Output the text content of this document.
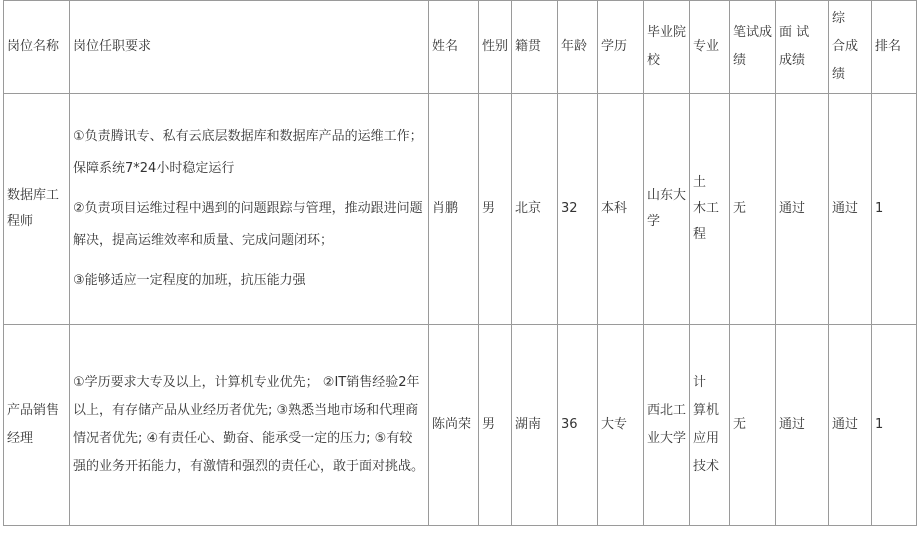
岗位名称	岗位任职要求	姓名	性别	籍贯	年龄	学历	毕业院校	专业	笔试成绩	面 试 成绩	综　合成绩	排名
数据库工程师	①负责腾讯专、私有云底层数据库和数据库产品的运维工作；保障系统7*24小时稳定运行

②负责项目运维过程中遇到的问题跟踪与管理，推动跟进问题解决，提高运维效率和质量、完成问题闭环；

③能够适应一定程度的加班，抗压能力强	肖鹏	男	北京	32	本科	山东大学	土　木工程	无	通过	通过	1
产品销售经理	①学历要求大专及以上，计算机专业优先； ②IT销售经验2年以上，有存储产品从业经历者优先; ③熟悉当地市场和代理商情况者优先; ④有责任心、勤奋、能承受一定的压力; ⑤有较强的业务开拓能力，有激情和强烈的责任心，敢于面对挑战。	陈尚荣	男	湖南	36	大专	西北工业大学	计　算机　应用　技术	无	通过	通过	1
